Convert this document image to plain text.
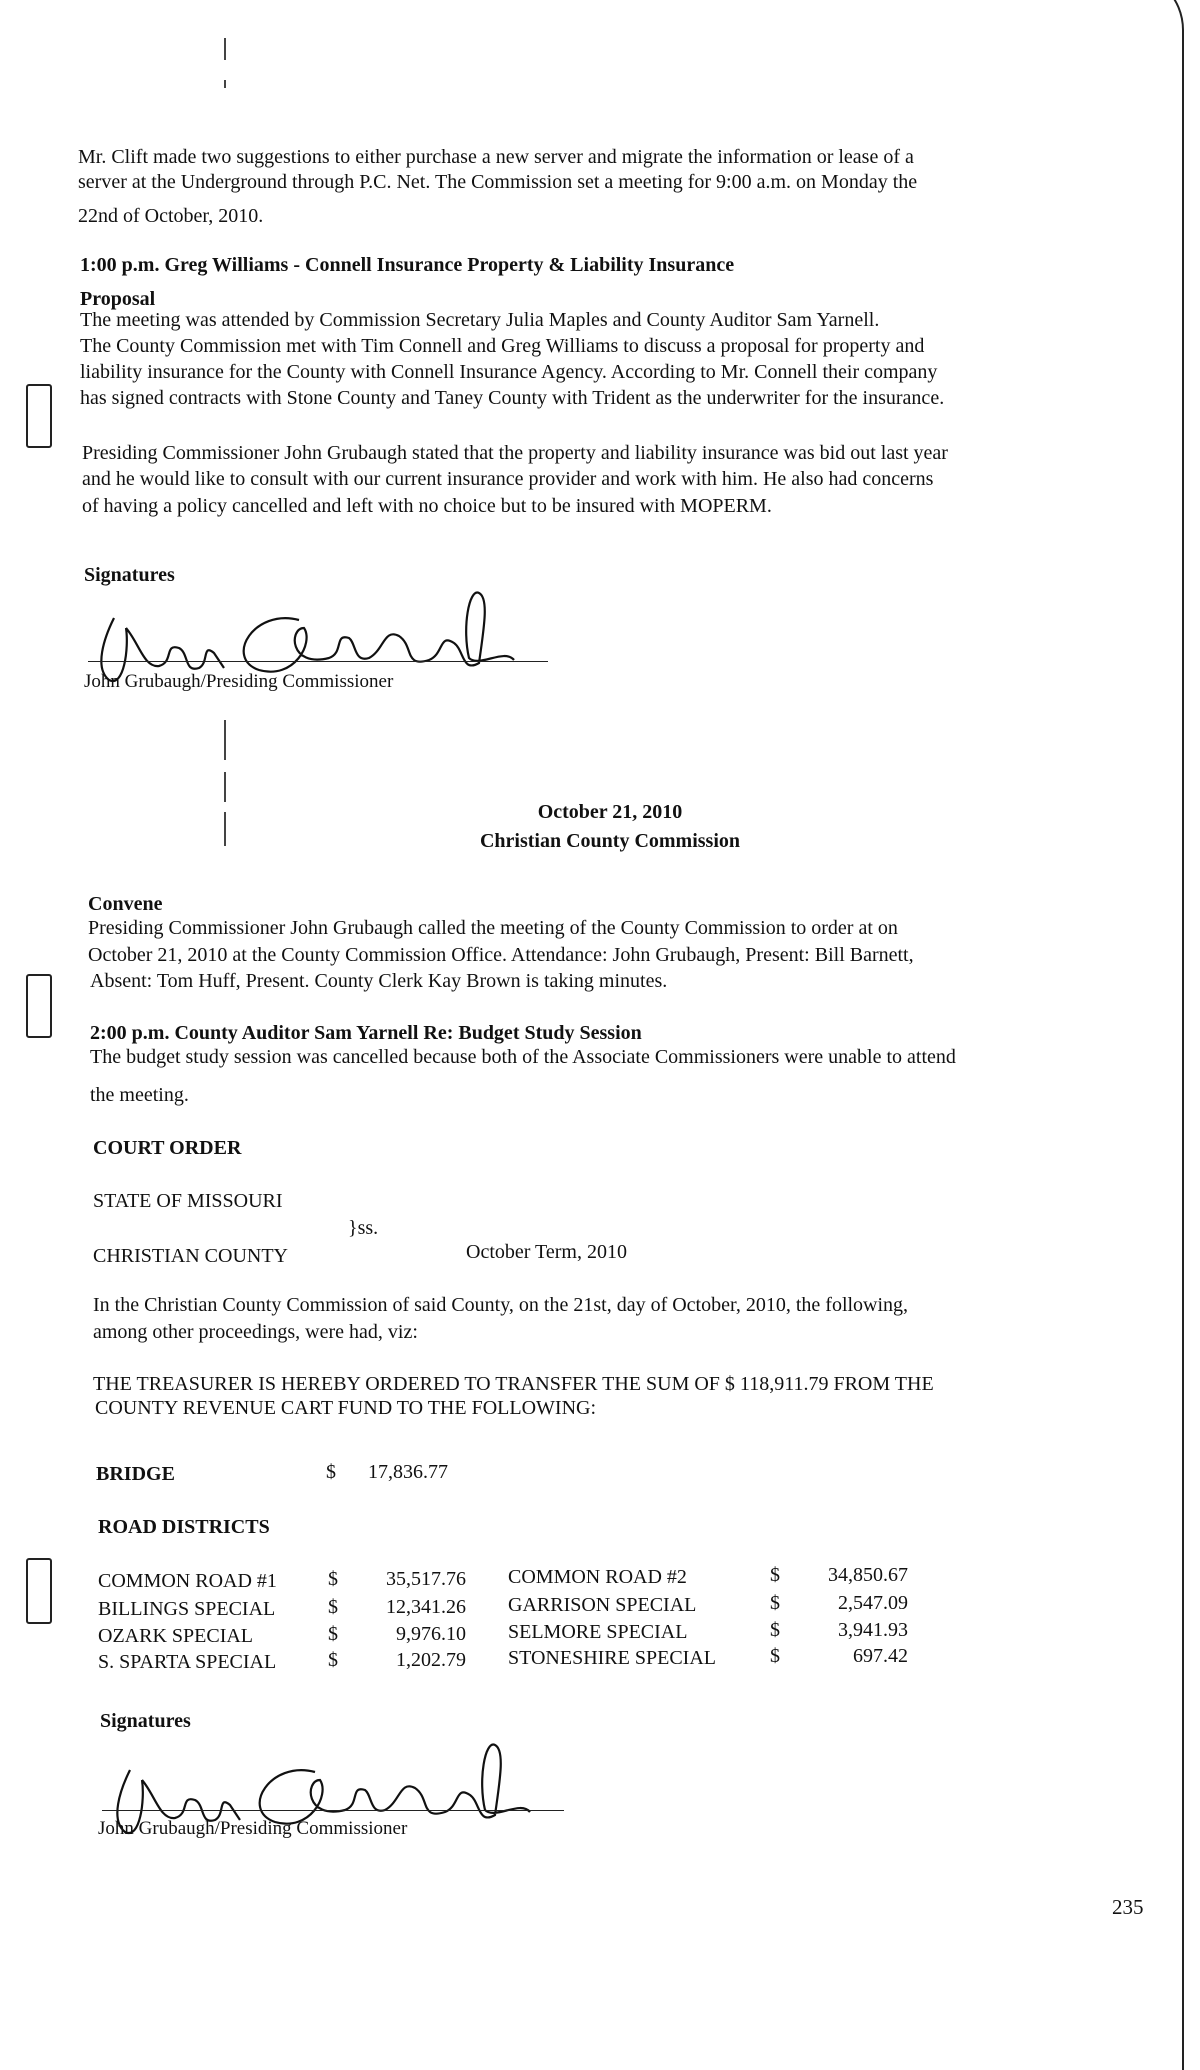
Mr. Clift made two suggestions to either purchase a new server and migrate the information or lease of a
server at the Underground through P.C. Net. The Commission set a meeting for 9:00 a.m. on Monday the
22nd of October, 2010.
1:00 p.m. Greg Williams - Connell Insurance Property & Liability Insurance
Proposal
The meeting was attended by Commission Secretary Julia Maples and County Auditor Sam Yarnell.
The County Commission met with Tim Connell and Greg Williams to discuss a proposal for property and
liability insurance for the County with Connell Insurance Agency. According to Mr. Connell their company
has signed contracts with Stone County and Taney County with Trident as the underwriter for the insurance.
Presiding Commissioner John Grubaugh stated that the property and liability insurance was bid out last year
and he would like to consult with our current insurance provider and work with him. He also had concerns
of having a policy cancelled and left with no choice but to be insured with MOPERM.
Signatures
John Grubaugh/Presiding Commissioner
October 21, 2010
Christian County Commission
Convene
Presiding Commissioner John Grubaugh called the meeting of the County Commission to order at on
October 21, 2010 at the County Commission Office. Attendance: John Grubaugh, Present: Bill Barnett,
Absent: Tom Huff, Present. County Clerk Kay Brown is taking minutes.
2:00 p.m. County Auditor Sam Yarnell Re: Budget Study Session
The budget study session was cancelled because both of the Associate Commissioners were unable to attend
the meeting.
COURT ORDER
STATE OF MISSOURI
}ss.
CHRISTIAN COUNTY	October Term, 2010
In the Christian County Commission of said County, on the 21st, day of October, 2010, the following,
among other proceedings, were had, viz:
THE TREASURER IS HEREBY ORDERED TO TRANSFER THE SUM OF $ 118,911.79 FROM THE
COUNTY REVENUE CART FUND TO THE FOLLOWING:
BRIDGE	$ 17,836.77
ROAD DISTRICTS
COMMON ROAD #1	$	35,517.76 COMMON ROAD #2	$	34,850.67
BILLINGS SPECIAL	$	12,341.26 GARRISON SPECIAL	$	2,547.09
OZARK SPECIAL	$	9,976.10 SELMORE SPECIAL	$	3,941.93
S. SPARTA SPECIAL	$	1,202.79 STONESHIRE SPECIAL	$	697.42
Signatures
John Grubaugh/Presiding Commissioner
235
